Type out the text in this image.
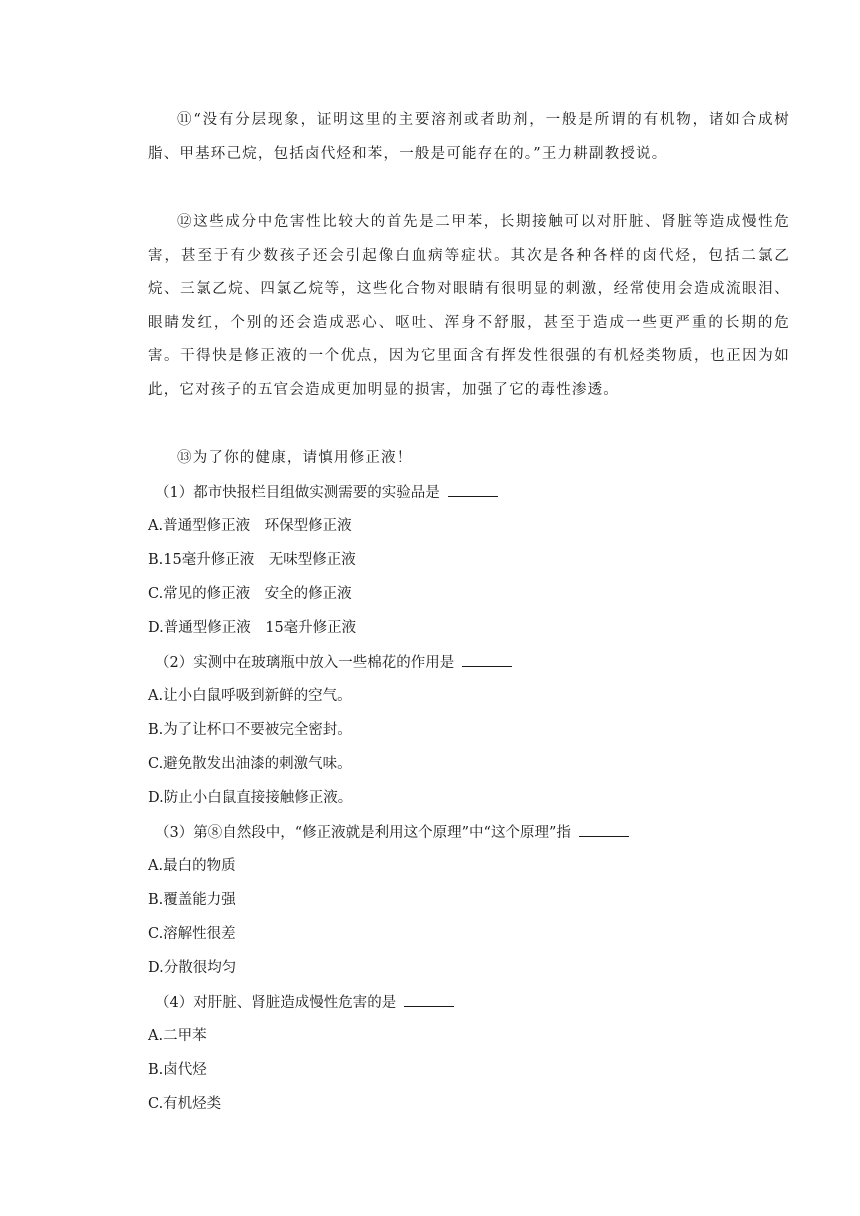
⑪“没有分层现象，证明这里的主要溶剂或者助剂，一般是所谓的有机物，诸如合成树脂、甲基环己烷，包括卤代烃和苯，一般是可能存在的。”王力耕副教授说。

⑫这些成分中危害性比较大的首先是二甲苯，长期接触可以对肝脏、肾脏等造成慢性危害，甚至于有少数孩子还会引起像白血病等症状。其次是各种各样的卤代烃，包括二氯乙烷、三氯乙烷、四氯乙烷等，这些化合物对眼睛有很明显的刺激，经常使用会造成流眼泪、眼睛发红，个别的还会造成恶心、呕吐、浑身不舒服，甚至于造成一些更严重的长期的危害。干得快是修正液的一个优点，因为它里面含有挥发性很强的有机烃类物质，也正因为如此，它对孩子的五官会造成更加明显的损害，加强了它的毒性渗透。

⑬为了你的健康，请慎用修正液！

（1）都市快报栏目组做实测需要的实验品是
A.普通型修正液　环保型修正液
B.15毫升修正液　无味型修正液
C.常见的修正液　安全的修正液
D.普通型修正液　15毫升修正液
（2）实测中在玻璃瓶中放入一些棉花的作用是
A.让小白鼠呼吸到新鲜的空气。
B.为了让杯口不要被完全密封。
C.避免散发出油漆的刺激气味。
D.防止小白鼠直接接触修正液。
（3）第⑧自然段中，“修正液就是利用这个原理”中“这个原理”指
A.最白的物质
B.覆盖能力强
C.溶解性很差
D.分散很均匀
（4）对肝脏、肾脏造成慢性危害的是
A.二甲苯
B.卤代烃
C.有机烃类
